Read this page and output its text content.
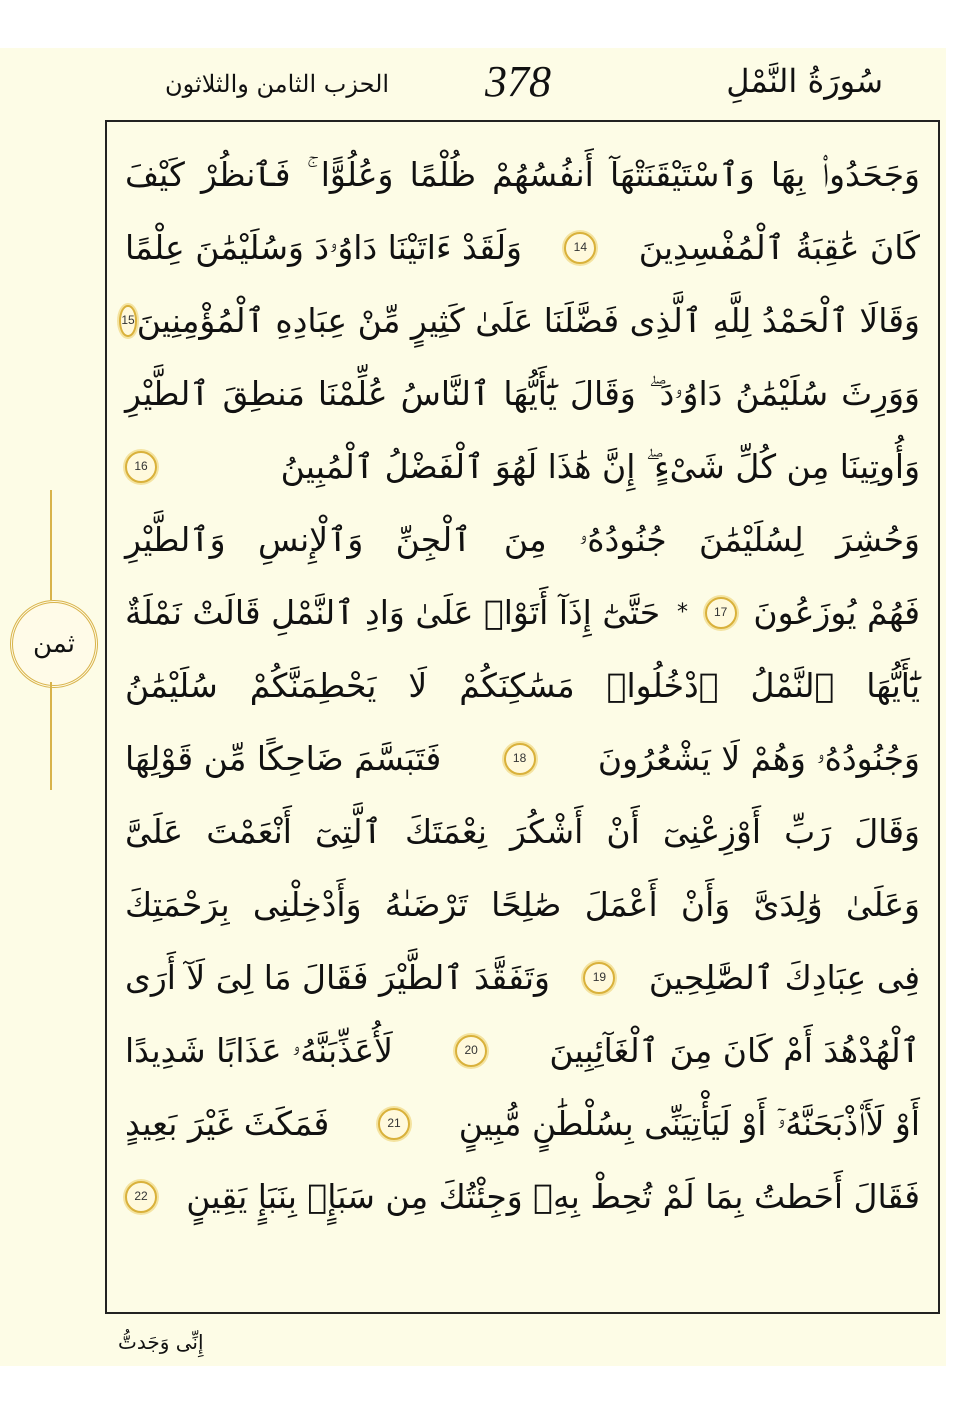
سُورَةُ النَّمْلِ
378
الحزب الثامن والثلاثون
ثمن
وَجَحَدُوا۟ بِهَا وَٱسْتَيْقَنَتْهَآ أَنفُسُهُمْ ظُلْمًا وَعُلُوًّا ۚ فَٱنظُرْ كَيْفَ
كَانَ عَٰقِبَةُ ٱلْمُفْسِدِينَ
14
وَلَقَدْ ءَاتَيْنَا دَاوُۥدَ وَسُلَيْمَٰنَ عِلْمًا
وَقَالَا ٱلْحَمْدُ لِلَّهِ ٱلَّذِى فَضَّلَنَا عَلَىٰ كَثِيرٍ مِّنْ عِبَادِهِ ٱلْمُؤْمِنِينَ
15
وَوَرِثَ سُلَيْمَٰنُ دَاوُۥدَ ۖ وَقَالَ يَٰٓأَيُّهَا ٱلنَّاسُ عُلِّمْنَا مَنطِقَ ٱلطَّيْرِ
وَأُوتِينَا مِن كُلِّ شَىْءٍ ۖ إِنَّ هَٰذَا لَهُوَ ٱلْفَضْلُ ٱلْمُبِينُ
16
وَحُشِرَ لِسُلَيْمَٰنَ جُنُودُهُۥ مِنَ ٱلْجِنِّ وَٱلْإِنسِ وَٱلطَّيْرِ
فَهُمْ يُوزَعُونَ
17
*
حَتَّىٰٓ إِذَآ أَتَوْا۟ عَلَىٰ وَادِ ٱلنَّمْلِ قَالَتْ نَمْلَةٌ
يَٰٓأَيُّهَا ٱلنَّمْلُ ٱدْخُلُوا۟ مَسَٰكِنَكُمْ لَا يَحْطِمَنَّكُمْ سُلَيْمَٰنُ
وَجُنُودُهُۥ وَهُمْ لَا يَشْعُرُونَ
18
فَتَبَسَّمَ ضَاحِكًا مِّن قَوْلِهَا
وَقَالَ رَبِّ أَوْزِعْنِىٓ أَنْ أَشْكُرَ نِعْمَتَكَ ٱلَّتِىٓ أَنْعَمْتَ عَلَىَّ
وَعَلَىٰ وَٰلِدَىَّ وَأَنْ أَعْمَلَ صَٰلِحًا تَرْضَىٰهُ وَأَدْخِلْنِى بِرَحْمَتِكَ
فِى عِبَادِكَ ٱلصَّٰلِحِينَ
19
وَتَفَقَّدَ ٱلطَّيْرَ فَقَالَ مَا لِىَ لَآ أَرَى
ٱلْهُدْهُدَ أَمْ كَانَ مِنَ ٱلْغَآئِبِينَ
20
لَأُعَذِّبَنَّهُۥ عَذَابًا شَدِيدًا
أَوْ لَأَا۟ذْبَحَنَّهُۥٓ أَوْ لَيَأْتِيَنِّى بِسُلْطَٰنٍ مُّبِينٍ
21
فَمَكَثَ غَيْرَ بَعِيدٍ
فَقَالَ أَحَطتُ بِمَا لَمْ تُحِطْ بِهِۦ وَجِئْتُكَ مِن سَبَإٍۭ بِنَبَإٍ يَقِينٍ
22
إِنِّى وَجَدتُّ
